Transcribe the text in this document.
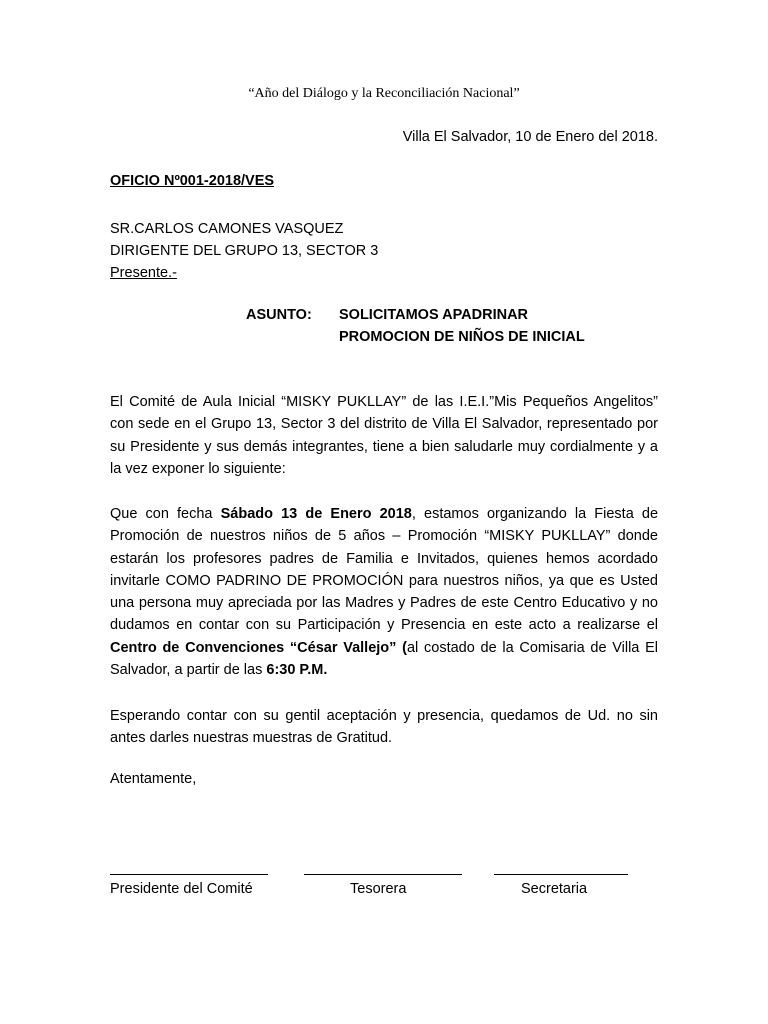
“Año del Diálogo y la Reconciliación Nacional”
Villa El Salvador, 10 de Enero del 2018.
OFICIO Nº001-2018/VES
SR.CARLOS CAMONES VASQUEZ
DIRIGENTE DEL GRUPO 13, SECTOR 3
Presente.-
ASUNTO: SOLICITAMOS APADRINAR
PROMOCION DE NIÑOS DE INICIAL

El Comité de Aula Inicial “MISKY PUKLLAY” de las I.E.I.”Mis Pequeños Angelitos” con sede en el Grupo 13, Sector 3 del distrito de Villa El Salvador, representado por su Presidente y sus demás integrantes, tiene a bien saludarle muy cordialmente y a la vez exponer lo siguiente:

Que con fecha Sábado 13 de Enero 2018, estamos organizando la Fiesta de Promoción de nuestros niños de 5 años – Promoción “MISKY PUKLLAY” donde estarán los profesores padres de Familia e Invitados, quienes hemos acordado invitarle COMO PADRINO DE PROMOCIÓN para nuestros niños, ya que es Usted una persona muy apreciada por las Madres y Padres de este Centro Educativo y no dudamos en contar con su Participación y Presencia en este acto a realizarse el Centro de Convenciones “César Vallejo” (al costado de la Comisaria de Villa El Salvador, a partir de las 6:30 P.M.

Esperando contar con su gentil aceptación y presencia, quedamos de Ud. no sin antes darles nuestras muestras de Gratitud.

Atentamente,
Presidente del Comité	Tesorera	Secretaria
